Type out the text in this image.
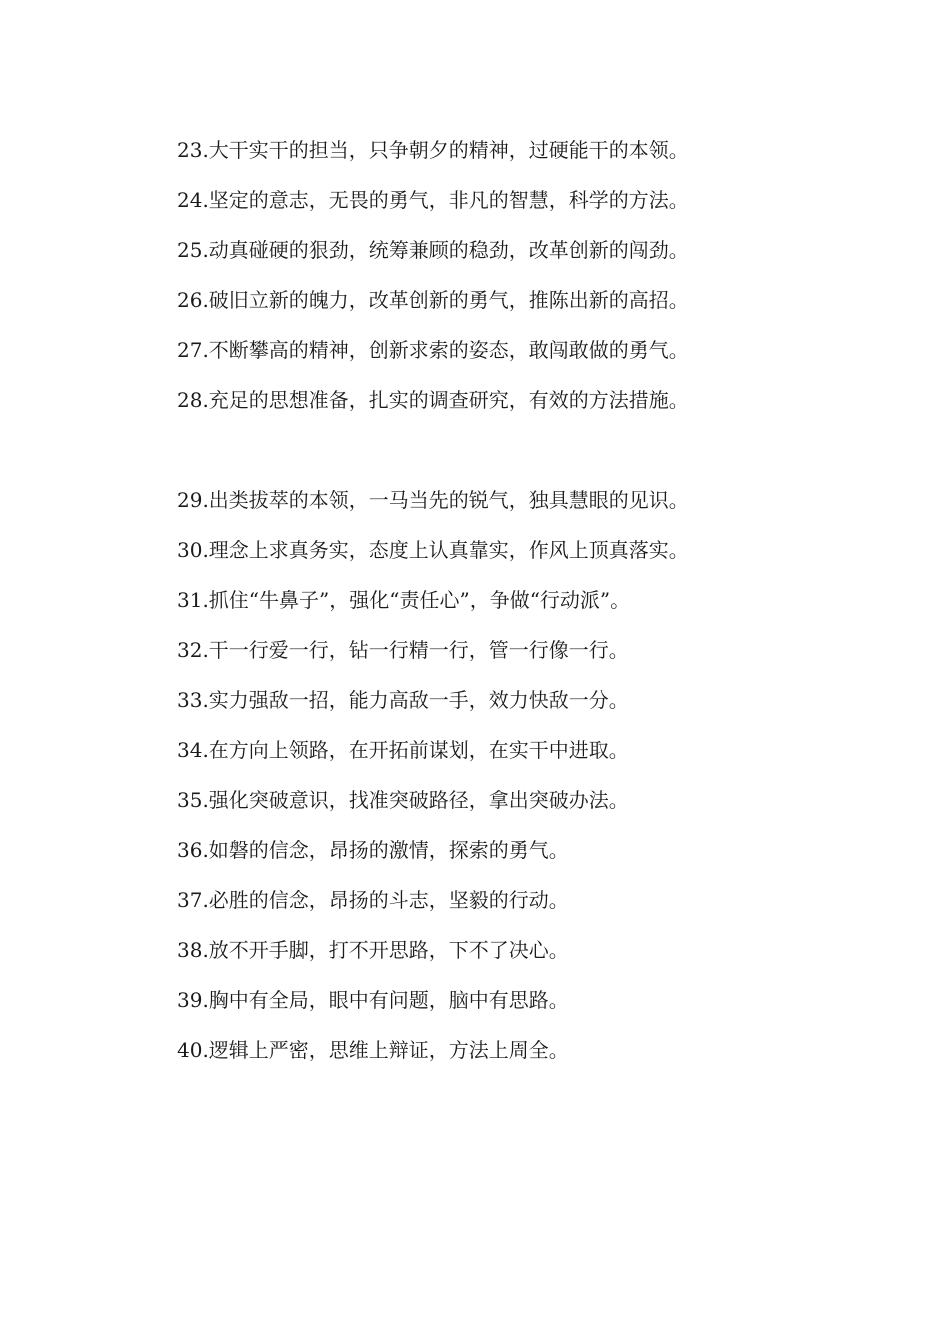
23.大干实干的担当，只争朝夕的精神，过硬能干的本领。
24.坚定的意志，无畏的勇气，非凡的智慧，科学的方法。
25.动真碰硬的狠劲，统筹兼顾的稳劲，改革创新的闯劲。
26.破旧立新的魄力，改革创新的勇气，推陈出新的高招。
27.不断攀高的精神，创新求索的姿态，敢闯敢做的勇气。
28.充足的思想准备，扎实的调查研究，有效的方法措施。
29.出类拔萃的本领，一马当先的锐气，独具慧眼的见识。
30.理念上求真务实，态度上认真靠实，作风上顶真落实。
31.抓住“牛鼻子”，强化“责任心”，争做“行动派”。
32.干一行爱一行，钻一行精一行，管一行像一行。
33.实力强敌一招，能力高敌一手，效力快敌一分。
34.在方向上领路，在开拓前谋划，在实干中进取。
35.强化突破意识，找准突破路径，拿出突破办法。
36.如磐的信念，昂扬的激情，探索的勇气。
37.必胜的信念，昂扬的斗志，坚毅的行动。
38.放不开手脚，打不开思路，下不了决心。
39.胸中有全局，眼中有问题，脑中有思路。
40.逻辑上严密，思维上辩证，方法上周全。
